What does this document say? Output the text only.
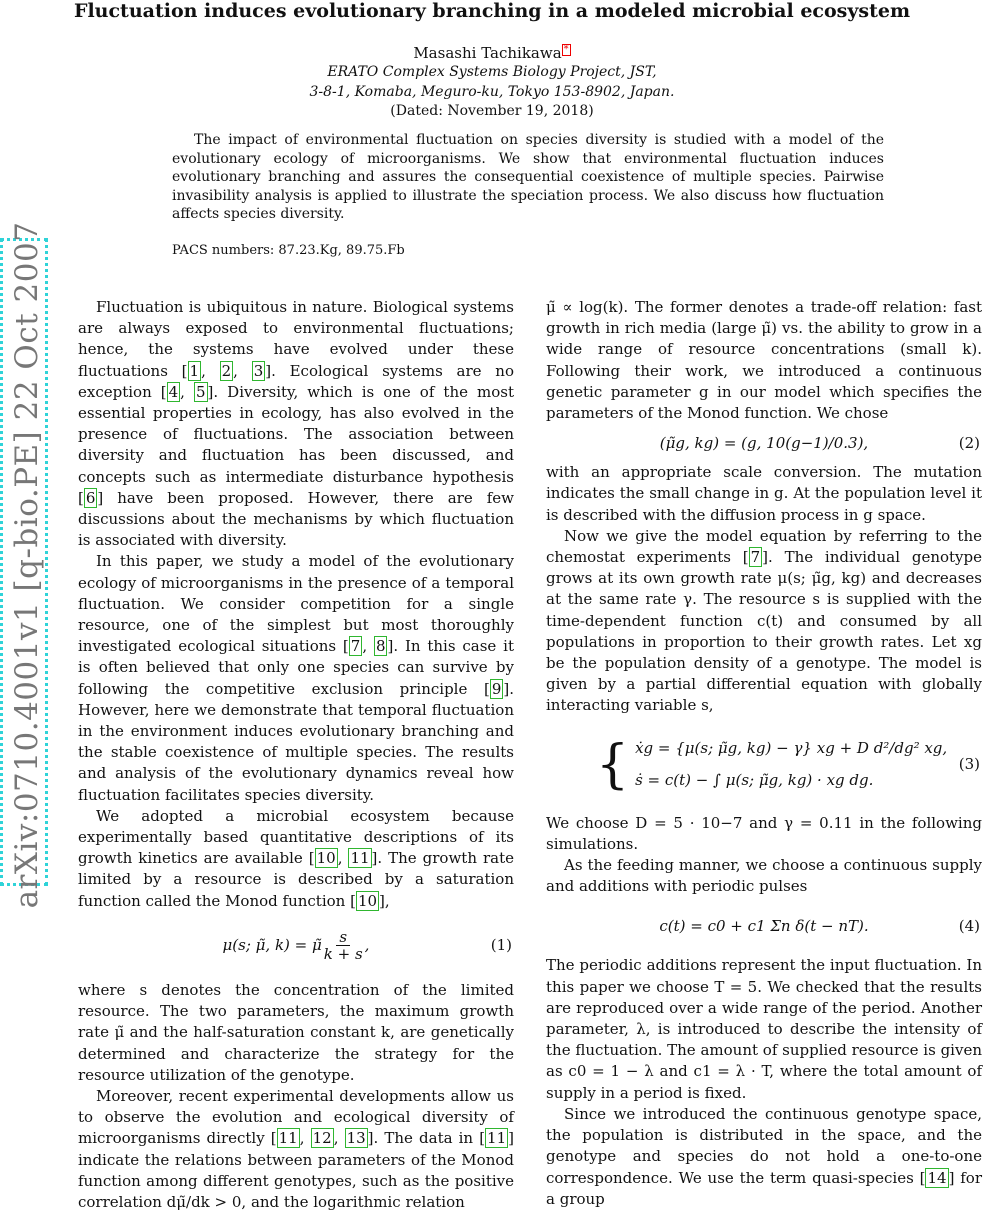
Fluctuation induces evolutionary branching in a modeled microbial ecosystem
Masashi Tachikawa *
ERATO Complex Systems Biology Project, JST,
3-8-1, Komaba, Meguro-ku, Tokyo 153-8902, Japan.
(Dated: November 19, 2018)

The impact of environmental fluctuation on species diversity is studied with a model of the evolutionary ecology of microorganisms. We show that environmental fluctuation induces evolutionary branching and assures the consequential coexistence of multiple species. Pairwise invasibility analysis is applied to illustrate the speciation process. We also discuss how fluctuation affects species diversity.

PACS numbers: 87.23.Kg, 89.75.Fb
arXiv:0710.4001v1 [q-bio.PE] 22 Oct 2007	Fluctuation is ubiquitous in nature. Biological systems are always exposed to environmental fluctuations; hence, the systems have evolved under these fluctuations [ 1 , 2 , 3 ]. Ecological systems are no exception [ 4 , 5 ]. Diversity, which is one of the most essential properties in ecology, has also evolved in the presence of fluctuations. The association between diversity and fluctuation has been discussed, and concepts such as intermediate disturbance hypothesis [ 6 ] have been proposed. However, there are few discussions about the mechanisms by which fluctuation is associated with diversity.

In this paper, we study a model of the evolutionary ecology of microorganisms in the presence of a temporal fluctuation. We consider competition for a single resource, one of the simplest but most thoroughly investigated ecological situations [ 7 , 8 ]. In this case it is often believed that only one species can survive by following the competitive exclusion principle [ 9 ]. However, here we demonstrate that temporal fluctuation in the environment induces evolutionary branching and the stable coexistence of multiple species. The results and analysis of the evolutionary dynamics reveal how fluctuation facilitates species diversity.

We adopted a microbial ecosystem because experimentally based quantitative descriptions of its growth kinetics are available [ 10 , 11 ]. The growth rate limited by a resource is described by a saturation function called the Monod function [ 10 ],

μ(s; μ̃, k) = μ̃ $\frac{s}{k + s}$ ,	(1)

where s denotes the concentration of the limited resource. The two parameters, the maximum growth rate μ̃ and the half-saturation constant k, are genetically determined and characterize the strategy for the resource utilization of the genotype.

Moreover, recent experimental developments allow us to observe the evolution and ecological diversity of microorganisms directly [ 11 , 12 , 13 ]. The data in [ 11 ] indicate the relations between parameters of the Monod function among different genotypes, such as the positive correlation dμ̃/dk > 0, and the logarithmic relation

μ̃ ∝ log(k). The former denotes a trade-off relation: fast growth in rich media (large μ̃) vs. the ability to grow in a wide range of resource concentrations (small k). Following their work, we introduced a continuous genetic parameter g in our model which specifies the parameters of the Monod function. We chose

(μ̃g, kg) = (g, 10(g−1)/0.3),	(2)

with an appropriate scale conversion. The mutation indicates the small change in g. At the population level it is described with the diffusion process in g space.

Now we give the model equation by referring to the chemostat experiments [ 7 ]. The individual genotype grows at its own growth rate μ(s; μ̃g, kg) and decreases at the same rate γ. The resource s is supplied with the time-dependent function c(t) and consumed by all populations in proportion to their growth rates. Let xg be the population density of a genotype. The model is given by a partial differential equation with globally interacting variable s,

{ ẋg = {μ(s; μ̃g, kg) − γ} xg + D d²/dg² xg,
ṡ = c(t) − ∫ μ(s; μ̃g, kg) · xg dg.
(3)

We choose D = 5 · 10−7 and γ = 0.11 in the following simulations.

As the feeding manner, we choose a continuous supply and additions with periodic pulses

c(t) = c0 + c1 Σn δ(t − nT).	(4)

The periodic additions represent the input fluctuation. In this paper we choose T = 5. We checked that the results are reproduced over a wide range of the period. Another parameter, λ, is introduced to describe the intensity of the fluctuation. The amount of supplied resource is given as c0 = 1 − λ and c1 = λ · T, where the total amount of supply in a period is fixed.

Since we introduced the continuous genotype space, the population is distributed in the space, and the genotype and species do not hold a one-to-one correspondence. We use the term quasi-species [ 14 ] for a group
